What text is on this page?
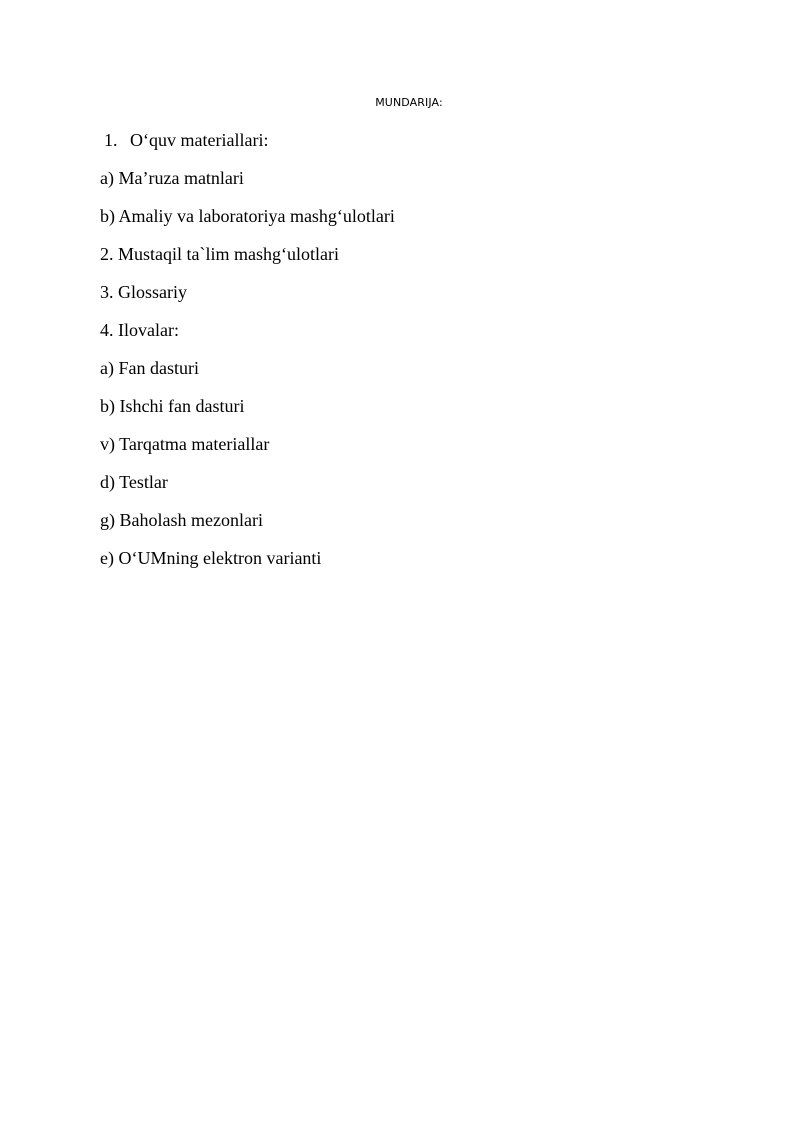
MUNDARIJA:
1. O‘quv materiallari:
a) Ma’ruza matnlari
b) Amaliy va laboratoriya mashg‘ulotlari
2. Mustaqil ta`lim mashg‘ulotlari
3. Glossariy
4. Ilovalar:
a) Fan dasturi
b) Ishchi fan dasturi
v) Tarqatma materiallar
d) Testlar
g) Baholash mezonlari
e) O‘UMning elektron varianti
